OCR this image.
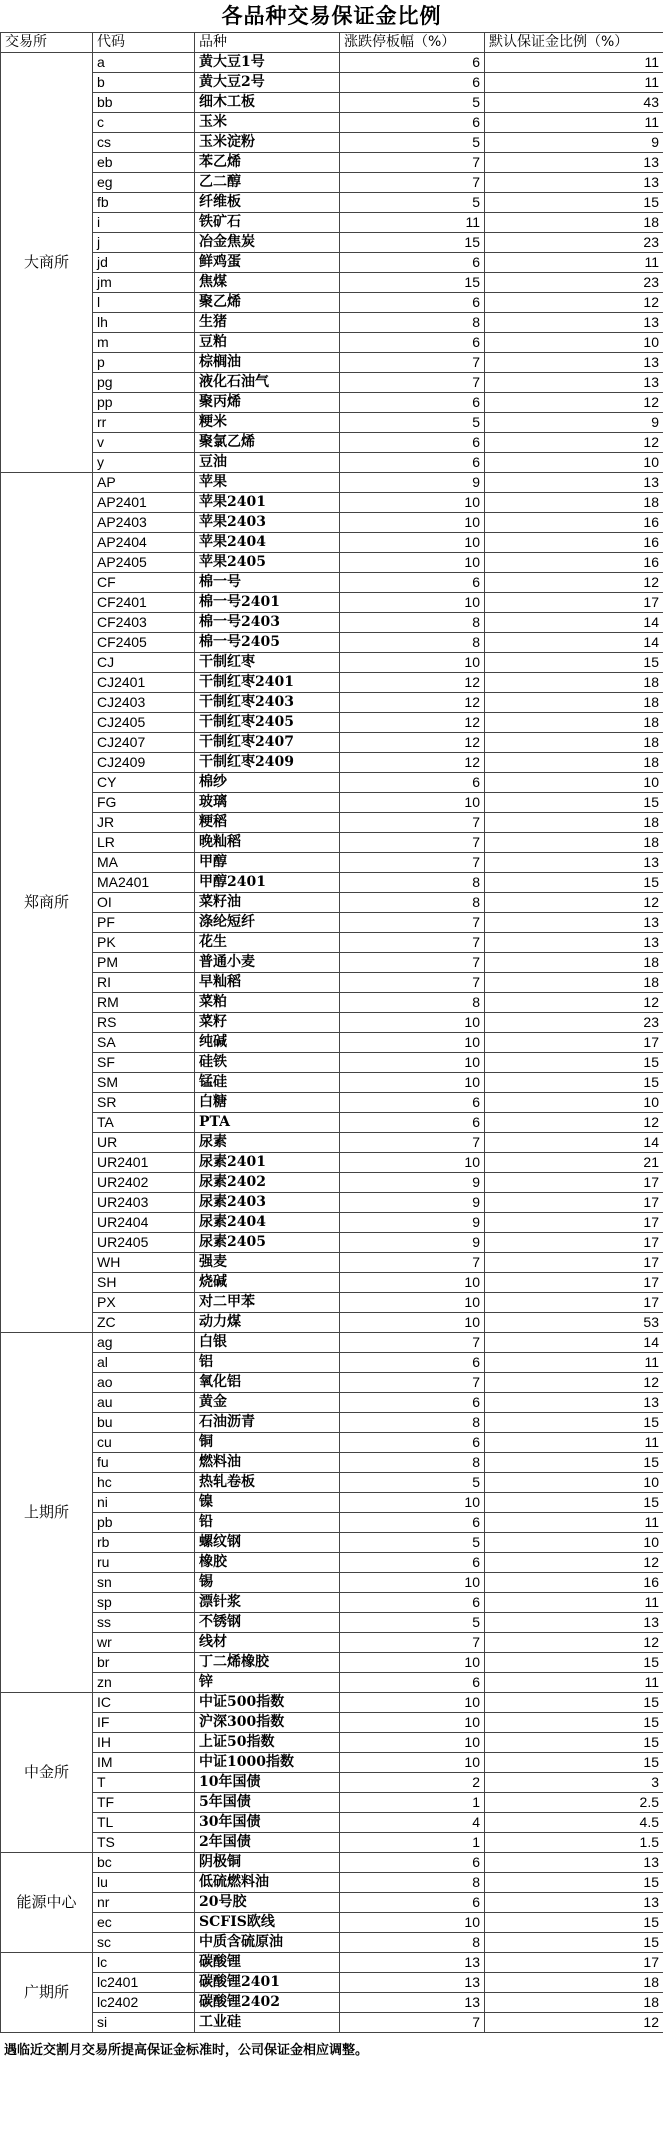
各品种交易保证金比例
交易所	代码	品种	涨跌停板幅（%）	默认保证金比例（%）
大商所	a	黄大豆1号	6	11
	b	黄大豆2号	6	11
	bb	细木工板	5	43
	c	玉米	6	11
	cs	玉米淀粉	5	9
	eb	苯乙烯	7	13
	eg	乙二醇	7	13
	fb	纤维板	5	15
	i	铁矿石	11	18
	j	冶金焦炭	15	23
	jd	鲜鸡蛋	6	11
	jm	焦煤	15	23
	l	聚乙烯	6	12
	lh	生猪	8	13
	m	豆粕	6	10
	p	棕榈油	7	13
	pg	液化石油气	7	13
	pp	聚丙烯	6	12
	rr	粳米	5	9
	v	聚氯乙烯	6	12
	y	豆油	6	10
郑商所	AP	苹果	9	13
	AP2401	苹果2401	10	18
	AP2403	苹果2403	10	16
	AP2404	苹果2404	10	16
	AP2405	苹果2405	10	16
	CF	棉一号	6	12
	CF2401	棉一号2401	10	17
	CF2403	棉一号2403	8	14
	CF2405	棉一号2405	8	14
	CJ	干制红枣	10	15
	CJ2401	干制红枣2401	12	18
	CJ2403	干制红枣2403	12	18
	CJ2405	干制红枣2405	12	18
	CJ2407	干制红枣2407	12	18
	CJ2409	干制红枣2409	12	18
	CY	棉纱	6	10
	FG	玻璃	10	15
	JR	粳稻	7	18
	LR	晚籼稻	7	18
	MA	甲醇	7	13
	MA2401	甲醇2401	8	15
	OI	菜籽油	8	12
	PF	涤纶短纤	7	13
	PK	花生	7	13
	PM	普通小麦	7	18
	RI	早籼稻	7	18
	RM	菜粕	8	12
	RS	菜籽	10	23
	SA	纯碱	10	17
	SF	硅铁	10	15
	SM	锰硅	10	15
	SR	白糖	6	10
	TA	PTA	6	12
	UR	尿素	7	14
	UR2401	尿素2401	10	21
	UR2402	尿素2402	9	17
	UR2403	尿素2403	9	17
	UR2404	尿素2404	9	17
	UR2405	尿素2405	9	17
	WH	强麦	7	17
	SH	烧碱	10	17
	PX	对二甲苯	10	17
	ZC	动力煤	10	53
上期所	ag	白银	7	14
	al	铝	6	11
	ao	氧化铝	7	12
	au	黄金	6	13
	bu	石油沥青	8	15
	cu	铜	6	11
	fu	燃料油	8	15
	hc	热轧卷板	5	10
	ni	镍	10	15
	pb	铅	6	11
	rb	螺纹钢	5	10
	ru	橡胶	6	12
	sn	锡	10	16
	sp	漂针浆	6	11
	ss	不锈钢	5	13
	wr	线材	7	12
	br	丁二烯橡胶	10	15
	zn	锌	6	11
中金所	IC	中证500指数	10	15
	IF	沪深300指数	10	15
	IH	上证50指数	10	15
	IM	中证1000指数	10	15
	T	10年国债	2	3
	TF	5年国债	1	2.5
	TL	30年国债	4	4.5
	TS	2年国债	1	1.5
能源中心	bc	阴极铜	6	13
	lu	低硫燃料油	8	15
	nr	20号胶	6	13
	ec	SCFIS欧线	10	15
	sc	中质含硫原油	8	15
广期所	lc	碳酸锂	13	17
	lc2401	碳酸锂2401	13	18
	lc2402	碳酸锂2402	13	18
	si	工业硅	7	12
遇临近交割月交易所提高保证金标准时，公司保证金相应调整。
